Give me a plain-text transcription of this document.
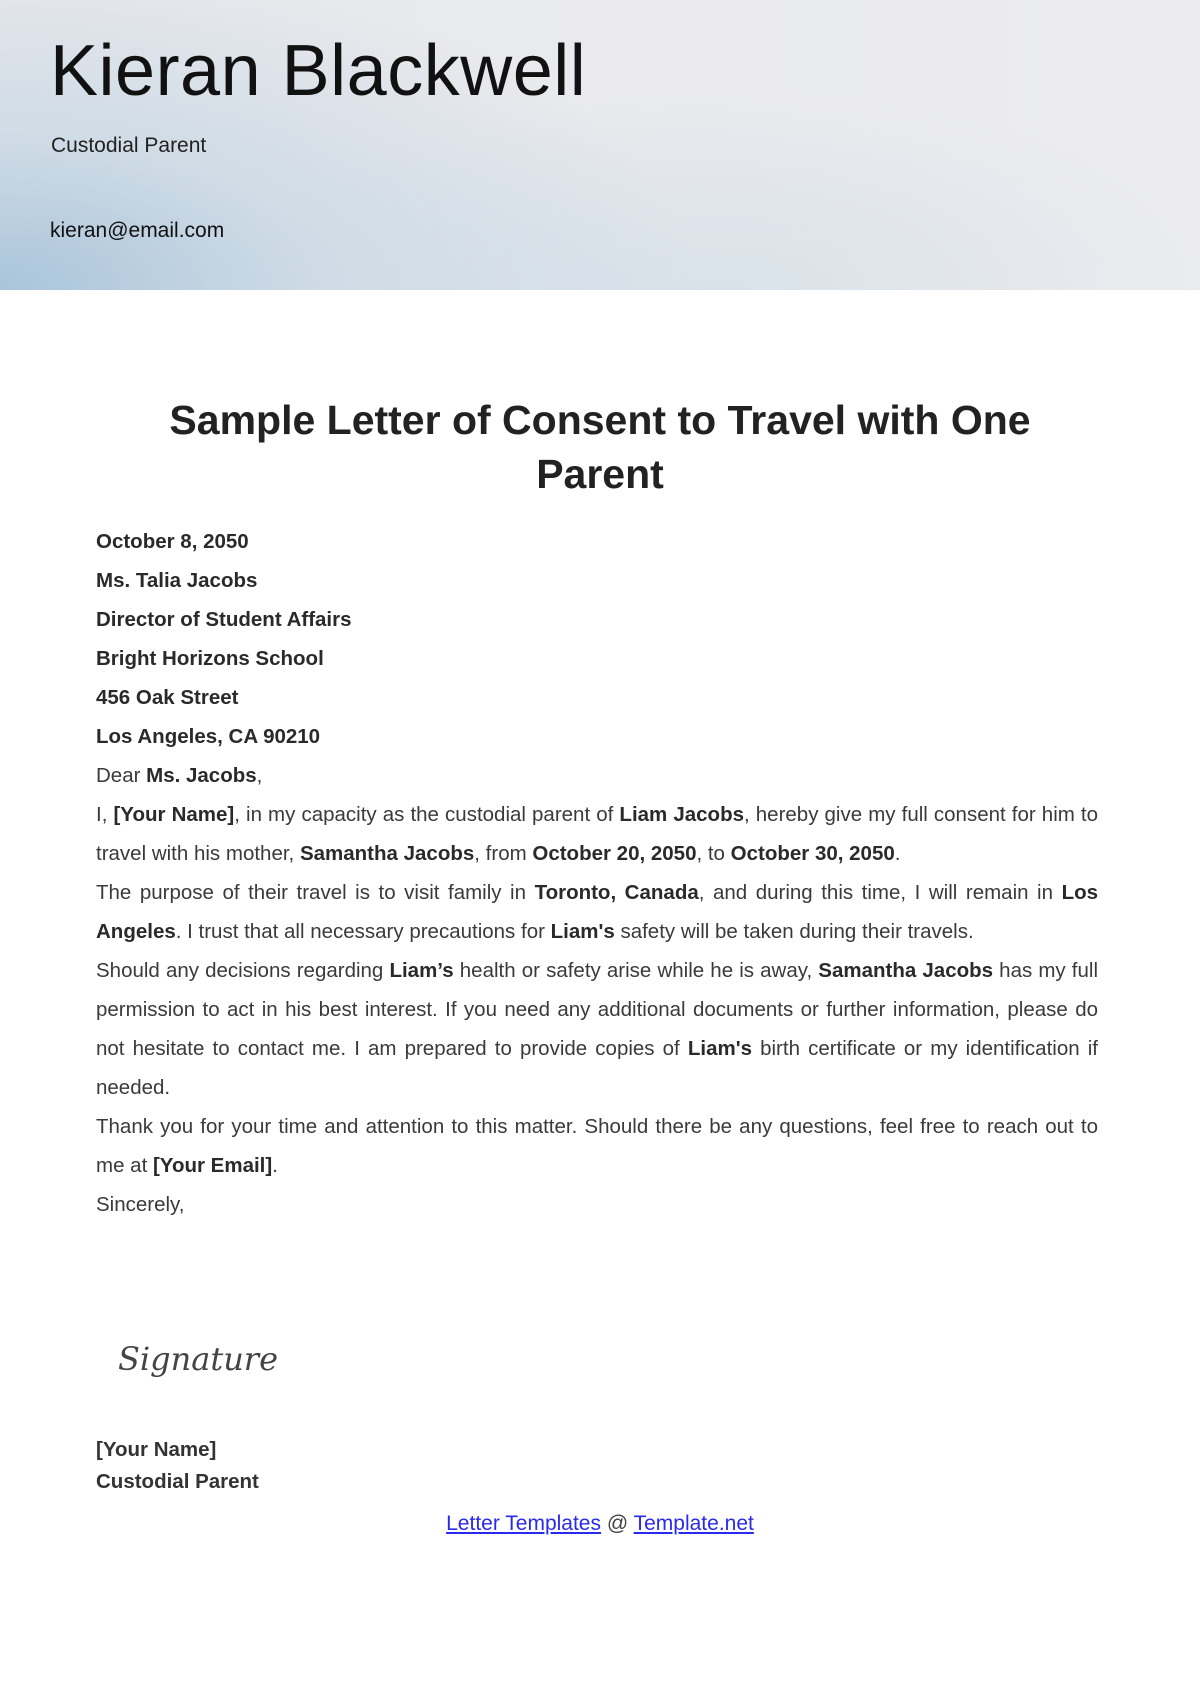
Kieran Blackwell
Custodial Parent
kieran@email.com
Sample Letter of Consent to Travel with One Parent
October 8, 2050
Ms. Talia Jacobs
Director of Student Affairs
Bright Horizons School
456 Oak Street
Los Angeles, CA 90210

Dear Ms. Jacobs,

I, [Your Name], in my capacity as the custodial parent of Liam Jacobs, hereby give my full consent for him to travel with his mother, Samantha Jacobs, from October 20, 2050, to October 30, 2050.

The purpose of their travel is to visit family in Toronto, Canada, and during this time, I will remain in Los Angeles. I trust that all necessary precautions for Liam's safety will be taken during their travels.

Should any decisions regarding Liam’s health or safety arise while he is away, Samantha Jacobs has my full permission to act in his best interest. If you need any additional documents or further information, please do not hesitate to contact me. I am prepared to provide copies of Liam's birth certificate or my identification if needed.

Thank you for your time and attention to this matter. Should there be any questions, feel free to reach out to me at [Your Email].

Sincerely,

Signature
[Your Name]
Custodial Parent
Letter Templates @ Template.net
